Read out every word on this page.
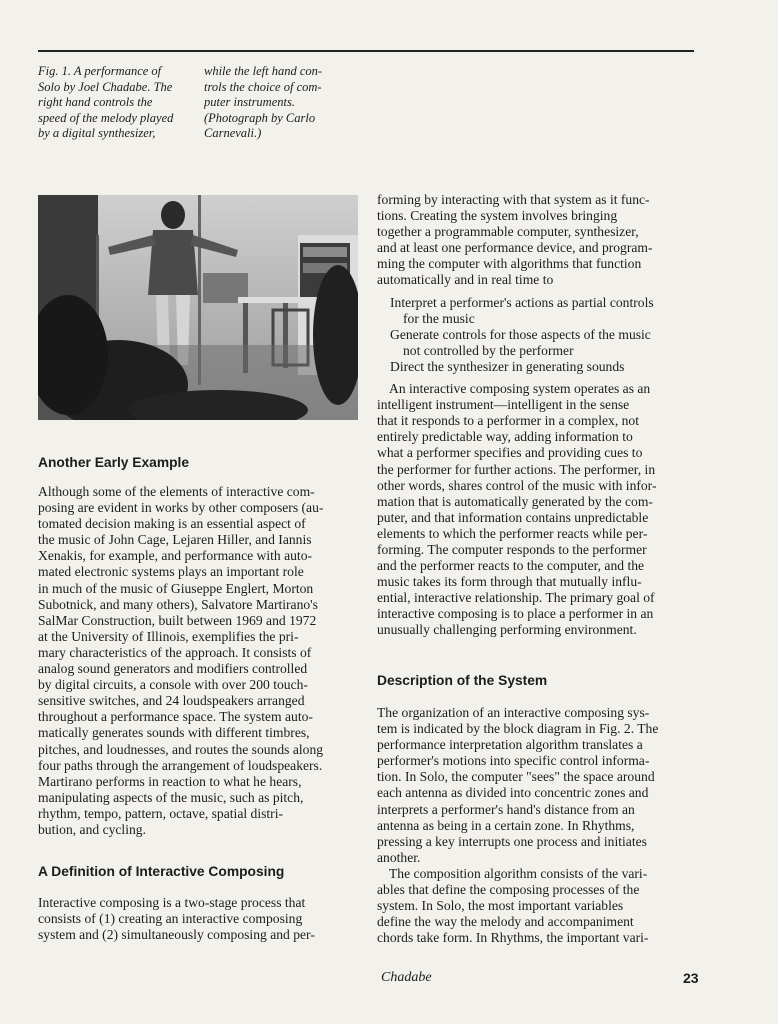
Fig. 1. A performance of
Solo by Joel Chadabe. The
right hand controls the
speed of the melody played
by a digital synthesizer,

while the left hand con-
trols the choice of com-
puter instruments.
(Photograph by Carlo
Carnevali.)

Another Early Example

Although some of the elements of interactive com-
posing are evident in works by other composers (au-
tomated decision making is an essential aspect of
the music of John Cage, Lejaren Hiller, and Iannis
Xenakis, for example, and performance with auto-
mated electronic systems plays an important role
in much of the music of Giuseppe Englert, Morton
Subotnick, and many others), Salvatore Martirano's
SalMar Construction, built between 1969 and 1972
at the University of Illinois, exemplifies the pri-
mary characteristics of the approach. It consists of
analog sound generators and modifiers controlled
by digital circuits, a console with over 200 touch-
sensitive switches, and 24 loudspeakers arranged
throughout a performance space. The system auto-
matically generates sounds with different timbres,
pitches, and loudnesses, and routes the sounds along
four paths through the arrangement of loudspeakers.
Martirano performs in reaction to what he hears,
manipulating aspects of the music, such as pitch,
rhythm, tempo, pattern, octave, spatial distri-
bution, and cycling.

A Definition of Interactive Composing

Interactive composing is a two-stage process that
consists of (1) creating an interactive composing
system and (2) simultaneously composing and per-

forming by interacting with that system as it func-
tions. Creating the system involves bringing
together a programmable computer, synthesizer,
and at least one performance device, and program-
ming the computer with algorithms that function
automatically and in real time to

Interpret a performer's actions as partial controls
for the music
Generate controls for those aspects of the music
not controlled by the performer
Direct the synthesizer in generating sounds

An interactive composing system operates as an
intelligent instrument—intelligent in the sense
that it responds to a performer in a complex, not
entirely predictable way, adding information to
what a performer specifies and providing cues to
the performer for further actions. The performer, in
other words, shares control of the music with infor-
mation that is automatically generated by the com-
puter, and that information contains unpredictable
elements to which the performer reacts while per-
forming. The computer responds to the performer
and the performer reacts to the computer, and the
music takes its form through that mutually influ-
ential, interactive relationship. The primary goal of
interactive composing is to place a performer in an
unusually challenging performing environment.

Description of the System

The organization of an interactive composing sys-
tem is indicated by the block diagram in Fig. 2. The
performance interpretation algorithm translates a
performer's motions into specific control informa-
tion. In Solo, the computer "sees" the space around
each antenna as divided into concentric zones and
interprets a performer's hand's distance from an
antenna as being in a certain zone. In Rhythms,
pressing a key interrupts one process and initiates
another.

The composition algorithm consists of the vari-
ables that define the composing processes of the
system. In Solo, the most important variables
define the way the melody and accompaniment
chords take form. In Rhythms, the important vari-

Chadabe	23
